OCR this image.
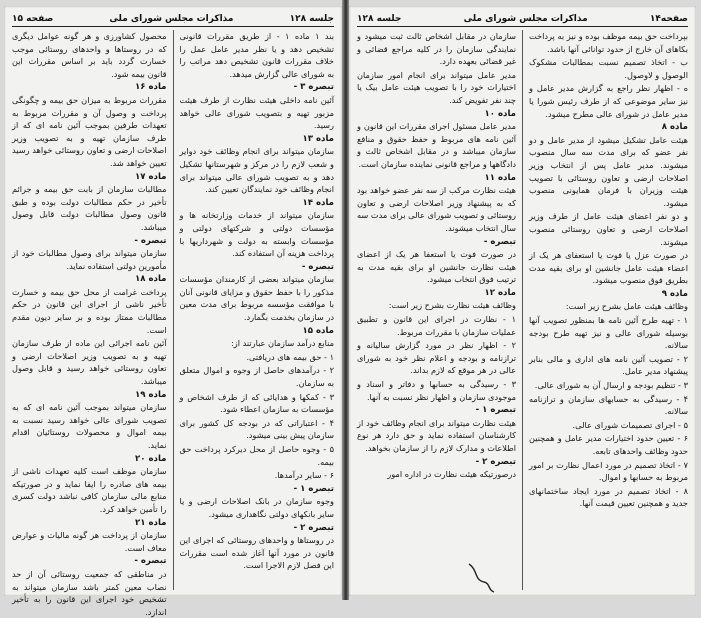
جلسه ۱۲۸
مذاکرات مجلس شورای ملی
صفحه ۱۵

بند ۱ ماده ۱ - از طریق مقررات قانونی تشخیص دهد و یا نظر مدیر عامل عمل را خلاف مقررات قانون تشخیص دهد مراتب را به شورای عالی گزارش میدهد.

تبصره ۳ -

آئین نامه داخلی هیئت نظارت از طرف هیئت مزبور تهیه و بتصویب شورای عالی خواهد رسید.

ماده ۱۳

سازمان میتواند برای انجام وظائف خود دوایر و شعب لازم را در مرکز و شهرستانها تشکیل دهد و به تصویب شورای عالی میتواند برای انجام وظائف خود نمایندگان تعیین کند.

ماده ۱۴

سازمان میتواند از خدمات وزارتخانه ها و مؤسسات دولتی و شرکتهای دولتی و مؤسسات وابسته به دولت و شهرداریها با پرداخت هزینه آن استفاده کند.

تبصره -

سازمان میتواند بعضی از کارمندان مؤسسات مذکور را با حفظ حقوق و مزایای قانونی آنان با موافقت مؤسسه مربوط برای مدت معین در سازمان بخدمت بگمارد.

ماده ۱۵

منابع درآمد سازمان عبارتند از:

۱ - حق بیمه های دریافتی.

۲ - درآمدهای حاصل از وجوه و اموال متعلق به سازمان.

۳ - کمکها و هدایائی که از طرف اشخاص و مؤسسات به سازمان اعطاء شود.

۴ - اعتباراتی که در بودجه کل کشور برای سازمان پیش بینی میشود.

۵ - وجوه حاصل از محل دیرکرد پرداخت حق بیمه.

۶ - سایر درآمدها.

تبصره ۱ -

وجوه سازمان در بانک اصلاحات ارضی و یا سایر بانکهای دولتی نگاهداری میشود.

تبصره ۲ -

در روستاها و واحدهای روستائی که اجرای این قانون در مورد آنها آغاز شده است مقررات این فصل لازم الاجرا است.

محصول کشاورزی و هر گونه عوامل دیگری که در روستاها و واحدهای روستائی موجب خسارت گردد باید بر اساس مقررات این قانون بیمه شود.

ماده ۱۶

مقررات مربوط به میزان حق بیمه و چگونگی پرداخت و وصول آن و مقررات مربوط به تعهدات طرفین بموجب آئین نامه ای که از طرف سازمان تهیه و به تصویب وزیر اصلاحات ارضی و تعاون روستائی خواهد رسید تعیین خواهد شد.

ماده ۱۷

مطالبات سازمان از بابت حق بیمه و جرائم تأخیر در حکم مطالبات دولت بوده و طبق قانون وصول مطالبات دولت قابل وصول میباشد.

تبصره -

سازمان میتواند برای وصول مطالبات خود از مأمورین دولتی استفاده نماید.

ماده ۱۸

پرداخت غرامت از محل حق بیمه و خسارت تأخیر ناشی از اجرای این قانون در حکم مطالبات ممتاز بوده و بر سایر دیون مقدم است.

آئین نامه اجرائی این ماده از طرف سازمان تهیه و به تصویب وزیر اصلاحات ارضی و تعاون روستائی خواهد رسید و قابل وصول میباشد.

ماده ۱۹

سازمان میتواند بموجب آئین نامه ای که به تصویب شورای عالی خواهد رسید نسبت به بیمه اموال و محصولات روستائیان اقدام نماید.

ماده ۲۰

سازمان موظف است کلیه تعهدات ناشی از بیمه های صادره را ایفا نماید و در صورتیکه منابع مالی سازمان کافی نباشد دولت کسری را تأمین خواهد کرد.

ماده ۲۱

سازمان از پرداخت هر گونه مالیات و عوارض معاف است.

تبصره -

در مناطقی که جمعیت روستائی آن از حد نصاب معین کمتر باشد سازمان میتواند به تشخیص خود اجرای این قانون را به تأخیر اندازد.

صفحه۱۴
مذاکرات مجلس شورای ملی
جلسه ۱۲۸

بپرداخت حق بیمه موظف بوده و نیز به پرداخت بکاهای آن خارج از حدود توانائی آنها باشد.

ب - اتخاذ تصمیم نسبت بمطالبات مشکوک الوصول و لاوصول.

ه - اظهار نظر راجع به گزارش مدیر عامل و نیز سایر موضوعی که از طرف رئیس شورا یا مدیر عامل در شورای عالی مطرح میشود.

ماده ۸

هیئت عامل تشکیل میشود از مدیر عامل و دو نفر عضو که برای مدت سه سال منصوب میشوند. مدیر عامل پس از انتخاب وزیر اصلاحات ارضی و تعاون روستائی با تصویب هیئت وزیران با فرمان همایونی منصوب میشود.

و دو نفر اعضای هیئت عامل از طرف وزیر اصلاحات ارضی و تعاون روستائی منصوب میشوند.

در صورت عزل یا فوت یا استعفای هر یک از اعضاء هیئت عامل جانشین او برای بقیه مدت بطریق فوق منصوب میشود.

ماده ۹

وظائف هیئت عامل بشرح زیر است:

۱ - تهیه طرح آئین نامه ها بمنظور تصویب آنها بوسیله شورای عالی و نیز تهیه طرح بودجه سالانه.

۲ - تصویب آئین نامه های اداری و مالی بنابر پیشنهاد مدیر عامل.

۳ - تنظیم بودجه و ارسال آن به شورای عالی.

۴ - رسیدگی به حسابهای سازمان و ترازنامه سالانه.

۵ - اجرای تصمیمات شورای عالی.

۶ - تعیین حدود اختیارات مدیر عامل و همچنین حدود وظائف واحدهای تابعه.

۷ - اتخاذ تصمیم در مورد اعمال نظارت بر امور مربوط به حسابها و اموال.

۸ - اتخاذ تصمیم در مورد ایجاد ساختمانهای جدید و همچنین تعیین قیمت آنها.

سازمان در مقابل اشخاص ثالث ثبت میشود و نمایندگی سازمان را در کلیه مراجع قضائی و غیر قضائی بعهده دارد.

مدیر عامل میتواند برای انجام امور سازمان اختیارات خود را با تصویب هیئت عامل بیک یا چند نفر تفویض کند.

ماده ۱۰

مدیر عامل مسئول اجرای مقررات این قانون و آئین نامه های مربوط و حفظ حقوق و منافع سازمان میباشد و در مقابل اشخاص ثالث و دادگاهها و مراجع قانونی نماینده سازمان است.

ماده ۱۱

هیئت نظارت مرکب از سه نفر عضو خواهد بود که به پیشنهاد وزیر اصلاحات ارضی و تعاون روستائی و تصویب شورای عالی برای مدت سه سال انتخاب میشوند.

تبصره -

در صورت فوت یا استعفا هر یک از اعضای هیئت نظارت جانشین او برای بقیه مدت به ترتیب فوق انتخاب میشود.

ماده ۱۲

وظائف هیئت نظارت بشرح زیر است:

۱ - نظارت در اجرای این قانون و تطبیق عملیات سازمان با مقررات مربوط.

۲ - اظهار نظر در مورد گزارش سالیانه و ترازنامه و بودجه و اعلام نظر خود به شورای عالی در هر موقع که لازم بداند.

۳ - رسیدگی به حسابها و دفاتر و اسناد و موجودی سازمان و اظهار نظر نسبت به آنها.

تبصره ۱ -

هیئت نظارت میتواند برای انجام وظائف خود از کارشناسان استفاده نماید و حق دارد هر نوع اطلاعات و مدارک لازم را از سازمان بخواهد.

تبصره ۲ -

درصورتیکه هیئت نظارت در اداره امور
